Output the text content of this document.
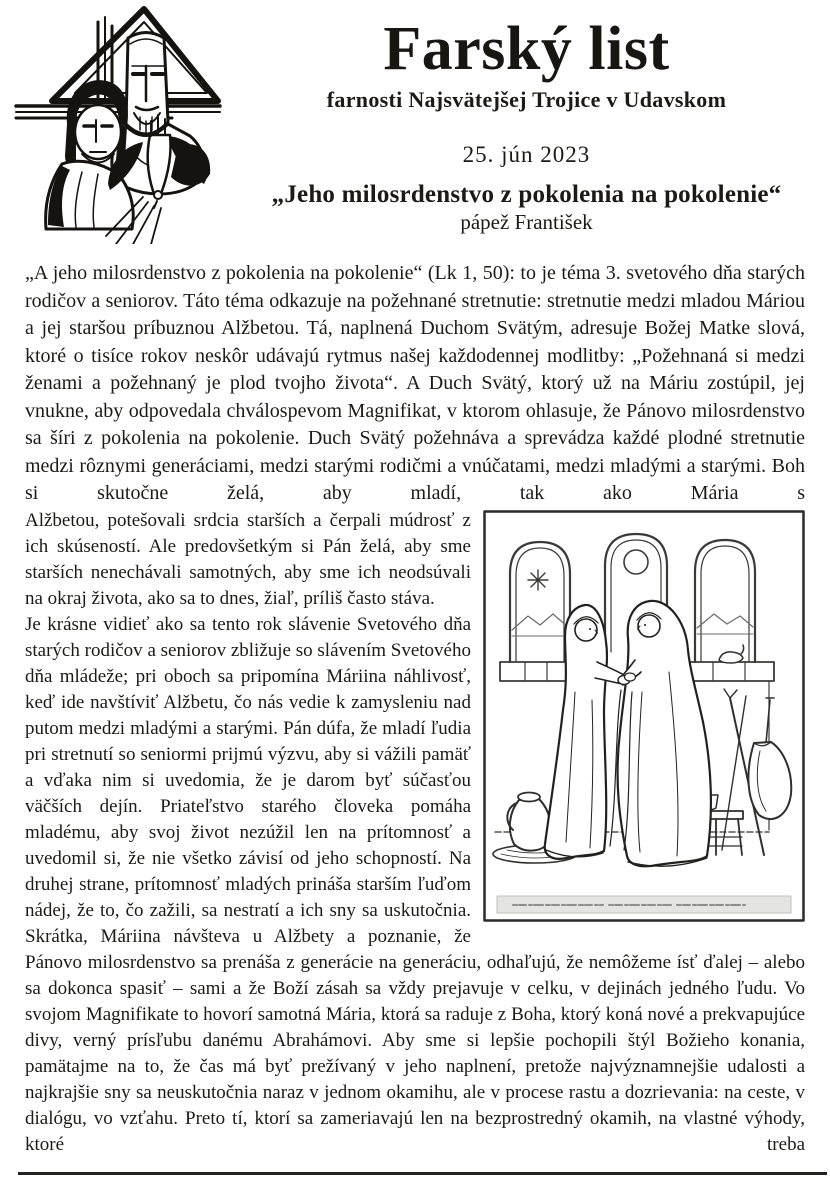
Farský list

farnosti Najsvätejšej Trojice v Udavskom

25. jún 2023

„Jeho milosrdenstvo z pokolenia na pokolenie“

pápež František

„A jeho milosrdenstvo z pokolenia na pokolenie“ (Lk 1, 50): to je téma 3. svetového dňa starých rodičov a seniorov. Táto téma odkazuje na požehnané stretnutie: stretnutie medzi mladou Máriou a jej staršou príbuznou Alžbetou. Tá, naplnená Duchom Svätým, adresuje Božej Matke slová, ktoré o tisíce rokov neskôr udávajú rytmus našej každodennej modlitby: „Požehnaná si medzi ženami a požehnaný je plod tvojho života“. A Duch Svätý, ktorý už na Máriu zostúpil, jej vnukne, aby odpovedala chválospevom Magnifikat, v ktorom ohlasuje, že Pánovo milosrdenstvo sa šíri z pokolenia na pokolenie. Duch Svätý požehnáva a sprevádza každé plodné stretnutie medzi rôznymi generáciami, medzi starými rodičmi a vnúčatami, medzi mladými a starými. Boh si skutočne želá, aby mladí, tak ako Mária s

Alžbetou, potešovali srdcia starších a čerpali múdrosť z ich skúseností. Ale predovšetkým si Pán želá, aby sme starších nenechávali samotných, aby sme ich neodsúvali na okraj života, ako sa to dnes, žiaľ, príliš často stáva.

Je krásne vidieť ako sa tento rok slávenie Svetového dňa starých rodičov a seniorov zbližuje so slávením Svetového dňa mládeže; pri oboch sa pripomína Máriina náhlivosť, keď ide navštíviť Alžbetu, čo nás vedie k zamysleniu nad putom medzi mladými a starými. Pán dúfa, že mladí ľudia pri stretnutí so seniormi prijmú výzvu, aby si vážili pamäť a vďaka nim si uvedomia, že je darom byť súčasťou väčších dejín. Priateľstvo starého človeka pomáha mladému, aby svoj život nezúžil len na prítomnosť a uvedomil si, že nie všetko závisí od jeho schopností. Na druhej strane, prítomnosť mladých prináša starším ľuďom nádej, že to, čo zažili, sa nestratí a ich sny sa uskutočnia. Skrátka, Máriina návšteva u Alžbety a poznanie, že Pánovo milosrdenstvo sa prenáša z generácie na generáciu, odhaľujú, že nemôžeme ísť ďalej – alebo sa dokonca spasiť – sami a že Boží zásah sa vždy prejavuje v celku, v dejinách jedného ľudu. Vo svojom Magnifikate to hovorí samotná Mária, ktorá sa raduje z Boha, ktorý koná nové a prekvapujúce divy, verný prísľubu danému Abrahámovi. Aby sme si lepšie pochopili štýl Božieho konania, pamätajme na to, že čas má byť prežívaný v jeho naplnení, pretože najvýznamnejšie udalosti a najkrajšie sny sa neuskutočnia naraz v jednom okamihu, ale v procese rastu a dozrievania: na ceste, v dialógu, vo vzťahu. Preto tí, ktorí sa zameriavajú len na bezprostredný okamih, na vlastné výhody, ktoré treba
